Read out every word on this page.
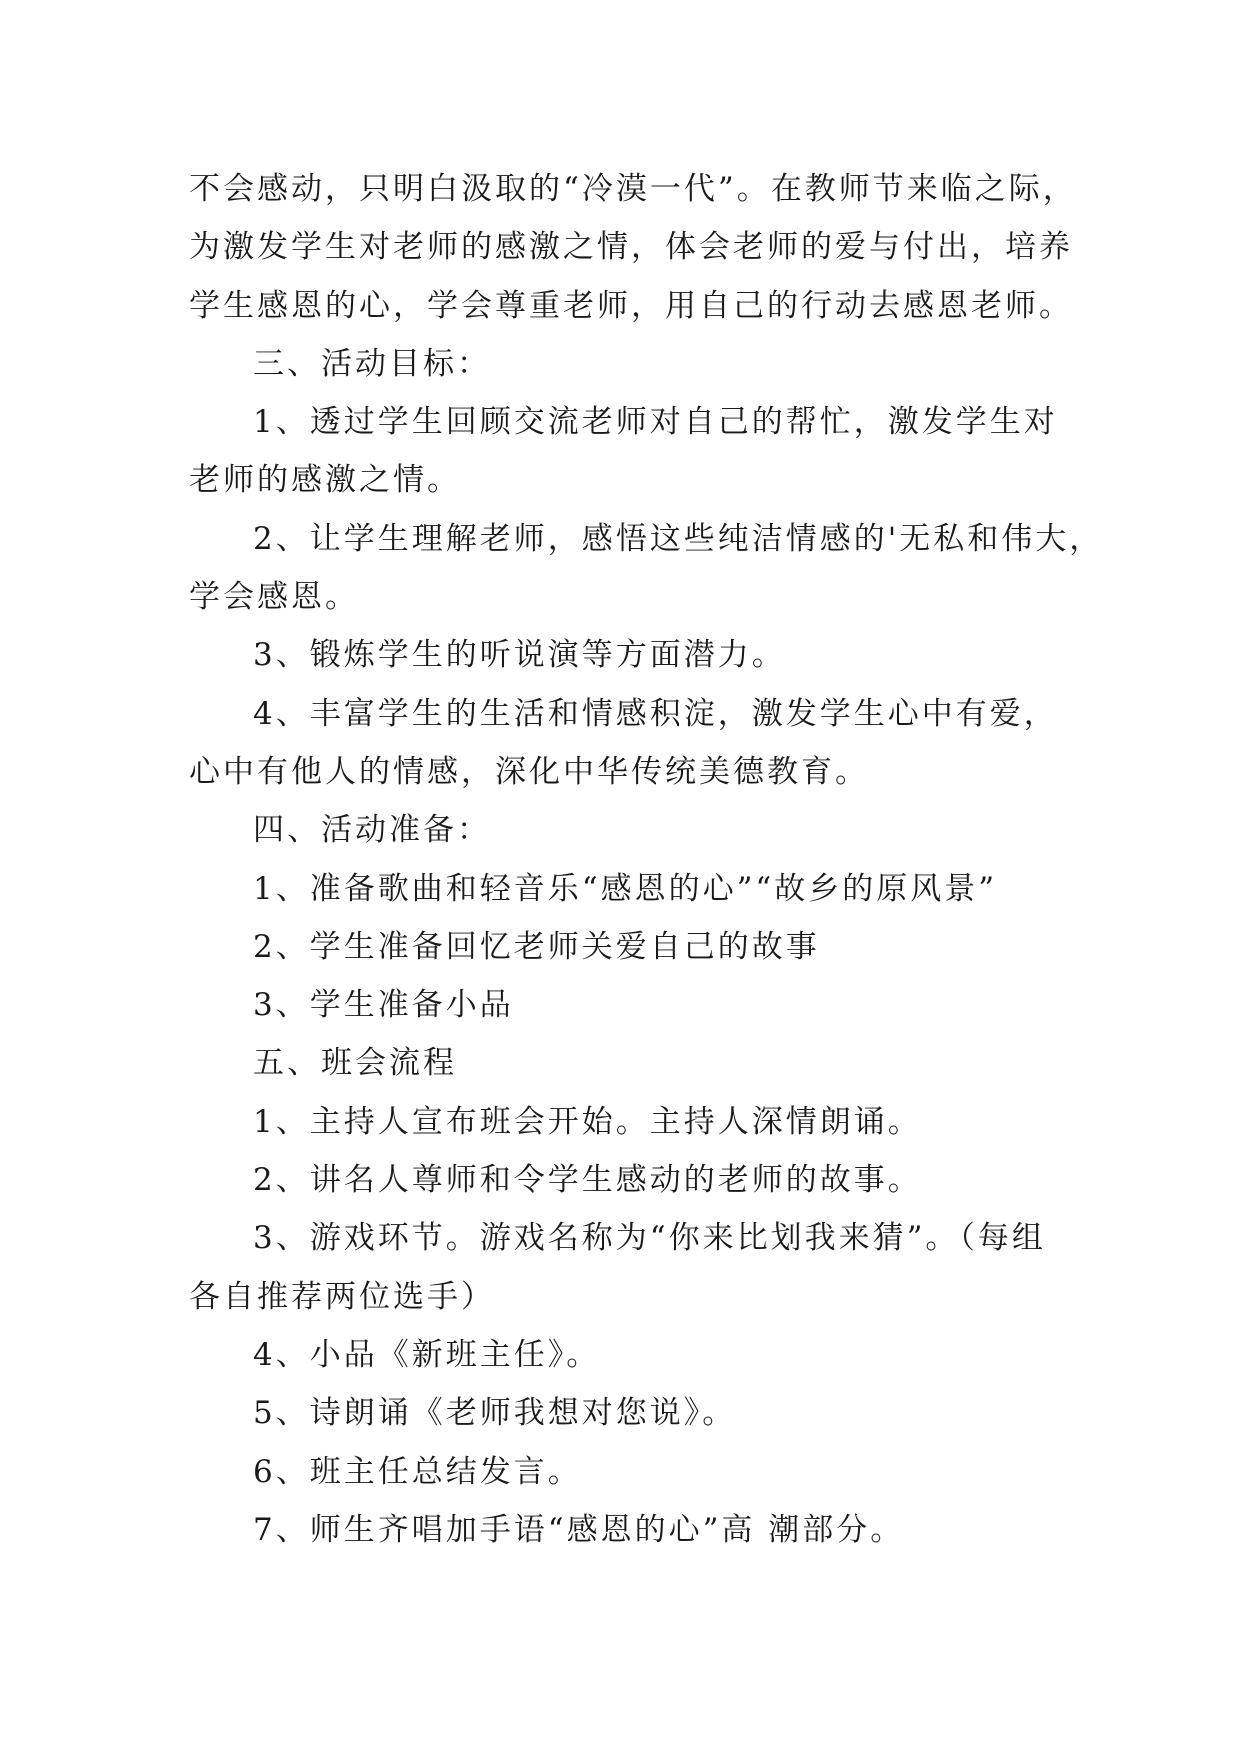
不会感动，只明白汲取的“冷漠一代”。在教师节来临之际，
为激发学生对老师的感激之情，体会老师的爱与付出，培养
学生感恩的心，学会尊重老师，用自己的行动去感恩老师。
三、活动目标：
1、透过学生回顾交流老师对自己的帮忙，激发学生对
老师的感激之情。
2、让学生理解老师，感悟这些纯洁情感的'无私和伟大，
学会感恩。
3、锻炼学生的听说演等方面潜力。
4、丰富学生的生活和情感积淀，激发学生心中有爱，
心中有他人的情感，深化中华传统美德教育。
四、活动准备：
1、准备歌曲和轻音乐“感恩的心”“故乡的原风景”
2、学生准备回忆老师关爱自己的故事
3、学生准备小品
五、班会流程
1、主持人宣布班会开始。主持人深情朗诵。
2、讲名人尊师和令学生感动的老师的故事。
3、游戏环节。游戏名称为“你来比划我来猜”。（每组
各自推荐两位选手）
4、小品《新班主任》。
5、诗朗诵《老师我想对您说》。
6、班主任总结发言。
7、师生齐唱加手语“感恩的心”高 潮部分。
